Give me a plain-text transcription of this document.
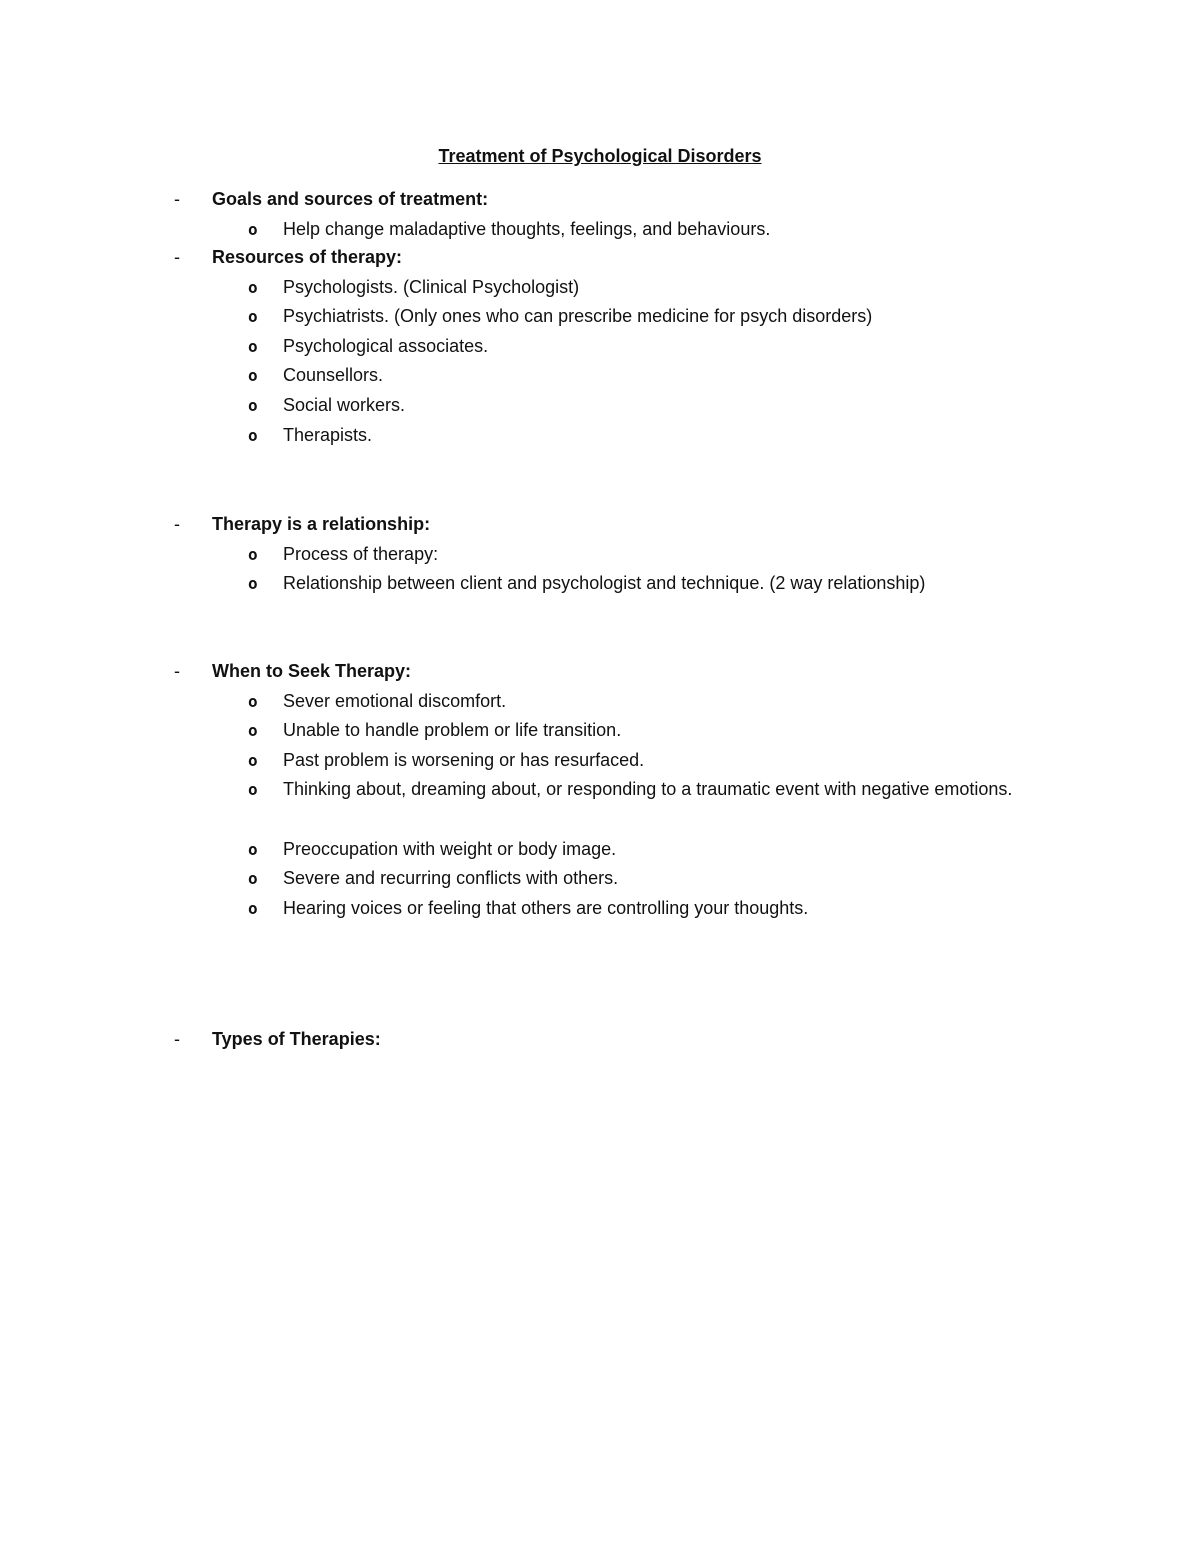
Treatment of Psychological Disorders
- Goals and sources of treatment:
o Help change maladaptive thoughts, feelings, and behaviours.
- Resources of therapy:
o Psychologists. (Clinical Psychologist)
o Psychiatrists. (Only ones who can prescribe medicine for psych disorders)
o Psychological associates.
o Counsellors.
o Social workers.
o Therapists.
- Therapy is a relationship:
o Process of therapy:
o Relationship between client and psychologist and technique. (2 way relationship)
- When to Seek Therapy:
o Sever emotional discomfort.
o Unable to handle problem or life transition.
o Past problem is worsening or has resurfaced.
o Thinking about, dreaming about, or responding to a traumatic event with negative emotions.
o Preoccupation with weight or body image.
o Severe and recurring conflicts with others.
o Hearing voices or feeling that others are controlling your thoughts.
- Types of Therapies:
